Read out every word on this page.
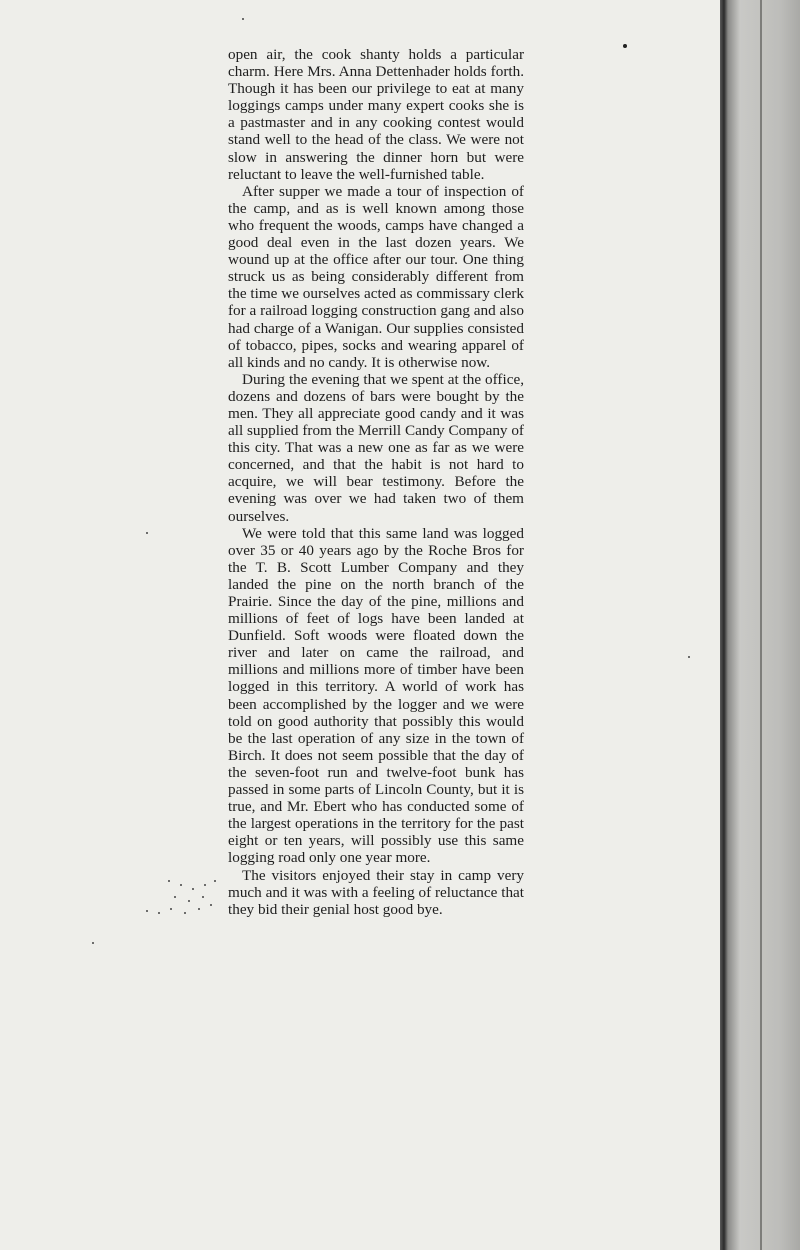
open air, the cook shanty holds a particular charm. Here Mrs. Anna Dettenhader holds forth. Though it has been our privilege to eat at many loggings camps under many expert cooks she is a pastmaster and in any cooking contest would stand well to the head of the class. We were not slow in answering the dinner horn but were reluctant to leave the well-furnished table.

After supper we made a tour of inspection of the camp, and as is well known among those who frequent the woods, camps have changed a good deal even in the last dozen years. We wound up at the office after our tour. One thing struck us as being considerably different from the time we ourselves acted as commissary clerk for a railroad logging construction gang and also had charge of a Wanigan. Our supplies consisted of tobacco, pipes, socks and wearing apparel of all kinds and no candy. It is otherwise now.

During the evening that we spent at the office, dozens and dozens of bars were bought by the men. They all appreciate good candy and it was all supplied from the Merrill Candy Company of this city. That was a new one as far as we were concerned, and that the habit is not hard to acquire, we will bear testimony. Before the evening was over we had taken two of them ourselves.

We were told that this same land was logged over 35 or 40 years ago by the Roche Bros for the T. B. Scott Lumber Company and they landed the pine on the north branch of the Prairie. Since the day of the pine, millions and millions of feet of logs have been landed at Dunfield. Soft woods were floated down the river and later on came the railroad, and millions and millions more of timber have been logged in this territory. A world of work has been accomplished by the logger and we were told on good authority that possibly this would be the last operation of any size in the town of Birch. It does not seem possible that the day of the seven-foot run and twelve-foot bunk has passed in some parts of Lincoln County, but it is true, and Mr. Ebert who has conducted some of the largest operations in the territory for the past eight or ten years, will possibly use this same logging road only one year more.

The visitors enjoyed their stay in camp very much and it was with a feeling of reluctance that they bid their genial host good bye.
